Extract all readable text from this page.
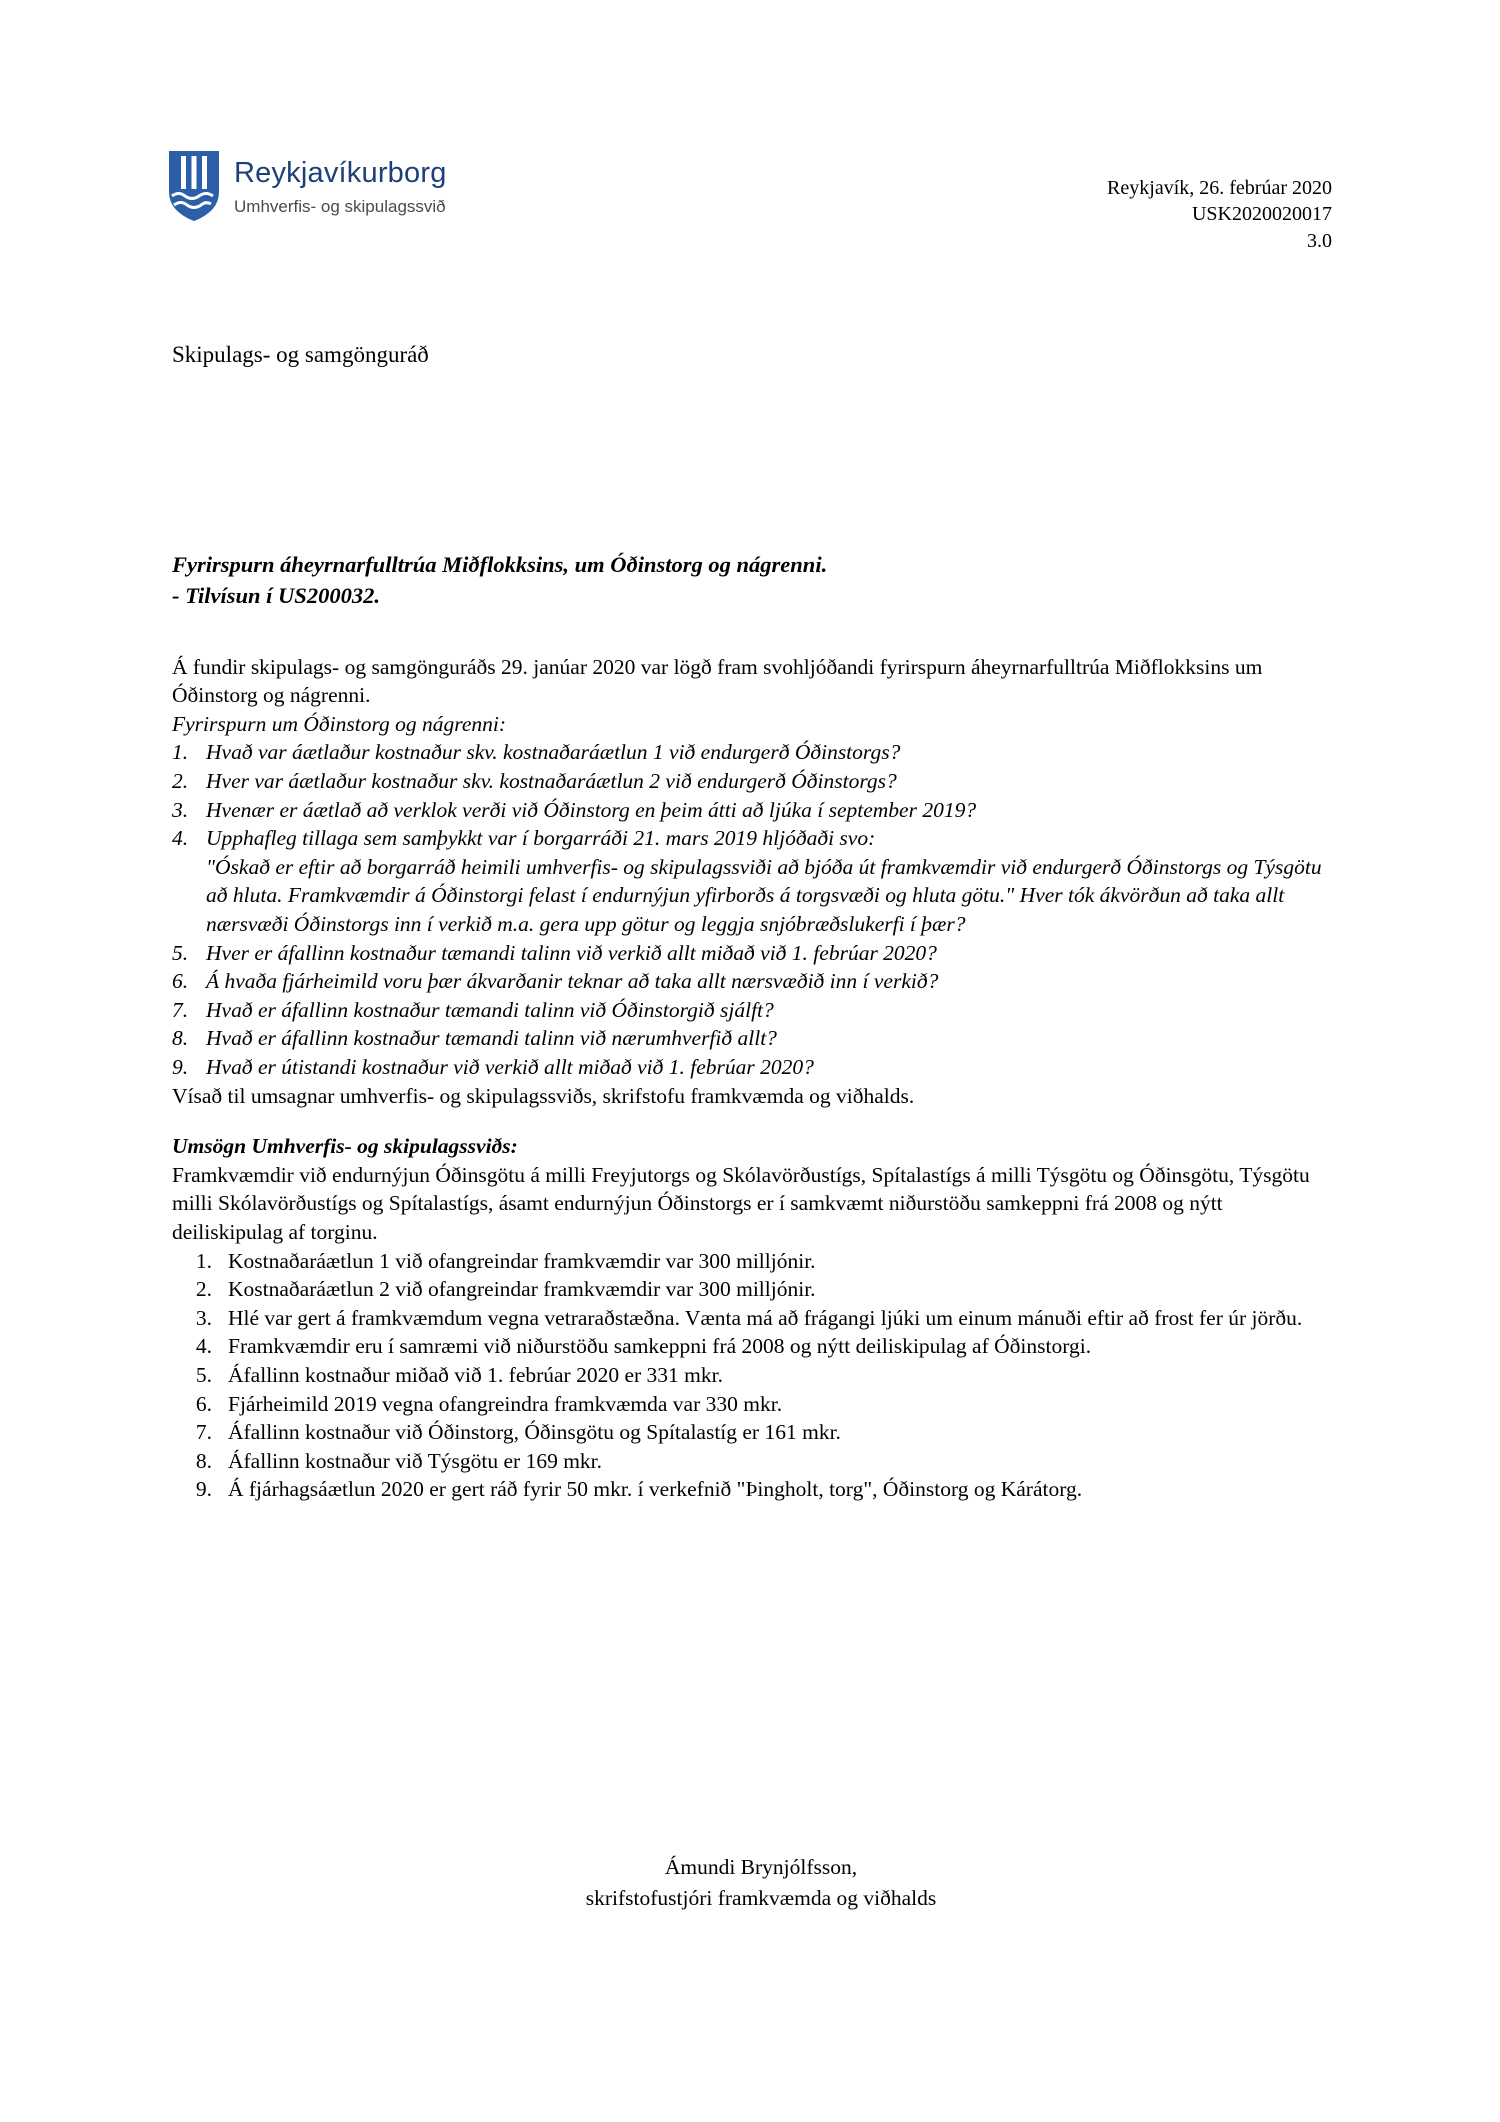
Reykjavíkurborg
Umhverfis- og skipulagssvið
Reykjavík, 26. febrúar 2020
USK2020020017
3.0

Skipulags- og samgönguráð

Fyrirspurn áheyrnarfulltrúa Miðflokksins, um Óðinstorg og nágrenni.
- Tilvísun í US200032.

Á fundir skipulags- og samgönguráðs 29. janúar 2020 var lögð fram svohljóðandi fyrirspurn áheyrnarfulltrúa Miðflokksins um Óðinstorg og nágrenni.

Fyrirspurn um Óðinstorg og nágrenni:

1. Hvað var áætlaður kostnaður skv. kostnaðaráætlun 1 við endurgerð Óðinstorgs?
2. Hver var áætlaður kostnaður skv. kostnaðaráætlun 2 við endurgerð Óðinstorgs?
3. Hvenær er áætlað að verklok verði við Óðinstorg en þeim átti að ljúka í september 2019?
4. Upphafleg tillaga sem samþykkt var í borgarráði 21. mars 2019 hljóðaði svo:
"Óskað er eftir að borgarráð heimili umhverfis- og skipulagssviði að bjóða út framkvæmdir við endurgerð Óðinstorgs og Týsgötu að hluta. Framkvæmdir á Óðinstorgi felast í endurnýjun yfirborðs á torgsvæði og hluta götu." Hver tók ákvörðun að taka allt nærsvæði Óðinstorgs inn í verkið m.a. gera upp götur og leggja snjóbræðslukerfi í þær?
5. Hver er áfallinn kostnaður tæmandi talinn við verkið allt miðað við 1. febrúar 2020?
6. Á hvaða fjárheimild voru þær ákvarðanir teknar að taka allt nærsvæðið inn í verkið?
7. Hvað er áfallinn kostnaður tæmandi talinn við Óðinstorgið sjálft?
8. Hvað er áfallinn kostnaður tæmandi talinn við nærumhverfið allt?
9. Hvað er útistandi kostnaður við verkið allt miðað við 1. febrúar 2020?

Vísað til umsagnar umhverfis- og skipulagssviðs, skrifstofu framkvæmda og viðhalds.

Umsögn Umhverfis- og skipulagssviðs:

Framkvæmdir við endurnýjun Óðinsgötu á milli Freyjutorgs og Skólavörðustígs, Spítalastígs á milli Týsgötu og Óðinsgötu, Týsgötu milli Skólavörðustígs og Spítalastígs, ásamt endurnýjun Óðinstorgs er í samkvæmt niðurstöðu samkeppni frá 2008 og nýtt deiliskipulag af torginu.

1. Kostnaðaráætlun 1 við ofangreindar framkvæmdir var 300 milljónir.
2. Kostnaðaráætlun 2 við ofangreindar framkvæmdir var 300 milljónir.
3. Hlé var gert á framkvæmdum vegna vetraraðstæðna. Vænta má að frágangi ljúki um einum mánuði eftir að frost fer úr jörðu.
4. Framkvæmdir eru í samræmi við niðurstöðu samkeppni frá 2008 og nýtt deiliskipulag af Óðinstorgi.
5. Áfallinn kostnaður miðað við 1. febrúar 2020 er 331 mkr.
6. Fjárheimild 2019 vegna ofangreindra framkvæmda var 330 mkr.
7. Áfallinn kostnaður við Óðinstorg, Óðinsgötu og Spítalastíg er 161 mkr.
8. Áfallinn kostnaður við Týsgötu er 169 mkr.
9. Á fjárhagsáætlun 2020 er gert ráð fyrir 50 mkr. í verkefnið "Þingholt, torg", Óðinstorg og Kárátorg.
Ámundi Brynjólfsson,
skrifstofustjóri framkvæmda og viðhalds
